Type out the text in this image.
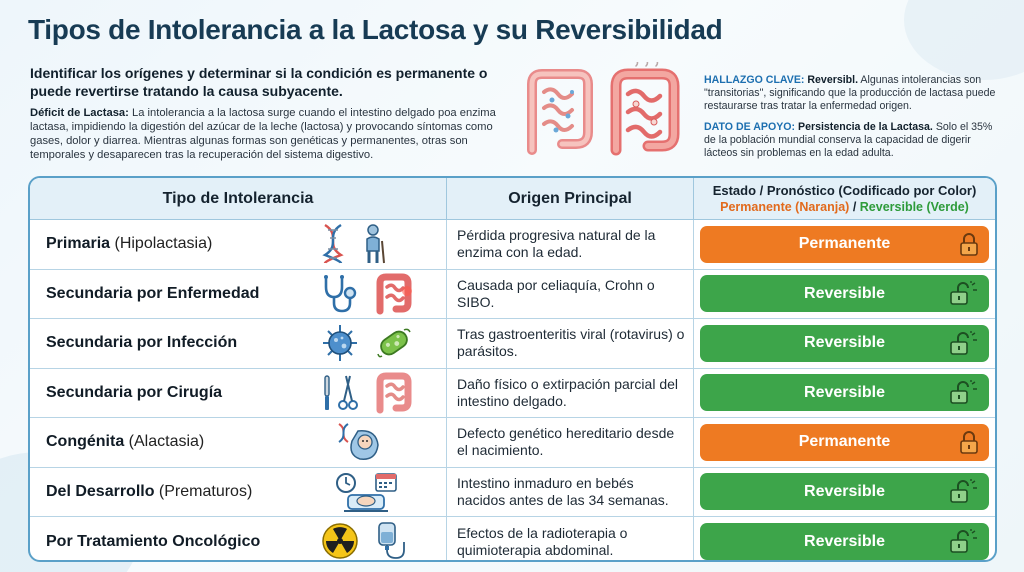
Tipos de Intolerancia a la Lactosa y su Reversibilidad

Identificar los orígenes y determinar si la condición es permanente o puede revertirse tratando la causa subyacente.

Déficit de Lactasa: La intolerancia a la lactosa surge cuando el intestino delgado poa enzima lactasa, impidiendo la digestión del azúcar de la leche (lactosa) y provocando síntomas como gases, dolor y diarrea. Mientras algunas formas son genéticas y permanentes, otras son temporales y desaparecen tras la recuperación del sistema digestivo.

HALLAZGO CLAVE: Reversibl. Algunas intolerancias son "transitorias", significando que la producción de lactasa puede restaurarse tras tratar la enfermedad origen.

DATO DE APOYO: Persistencia de la Lactasa. Solo el 35% de la población mundial conserva la capacidad de digerir lácteos sin problemas en la edad adulta.

Tipo de Intolerancia	Origen Principal	Estado / Pronóstico (Codificado por Color)
Permanente (Naranja) / Reversible (Verde)
Primaria (Hipolactasia)	Pérdida progresiva natural de la enzima con la edad.	Permanente
Secundaria por Enfermedad	Causada por celiaquía, Crohn o SIBO.	Reversible
Secundaria por Infección	Tras gastroenteritis viral (rotavirus) o parásitos.	Reversible
Secundaria por Cirugía	Daño físico o extirpación parcial del intestino delgado.	Reversible
Congénita (Alactasia)	Defecto genético hereditario desde el nacimiento.	Permanente
Del Desarrollo (Prematuros)	Intestino inmaduro en bebés nacidos antes de las 34 semanas.	Reversible
Por Tratamiento Oncológico	Efectos de la radioterapia o quimioterapia abdominal.	Reversible
